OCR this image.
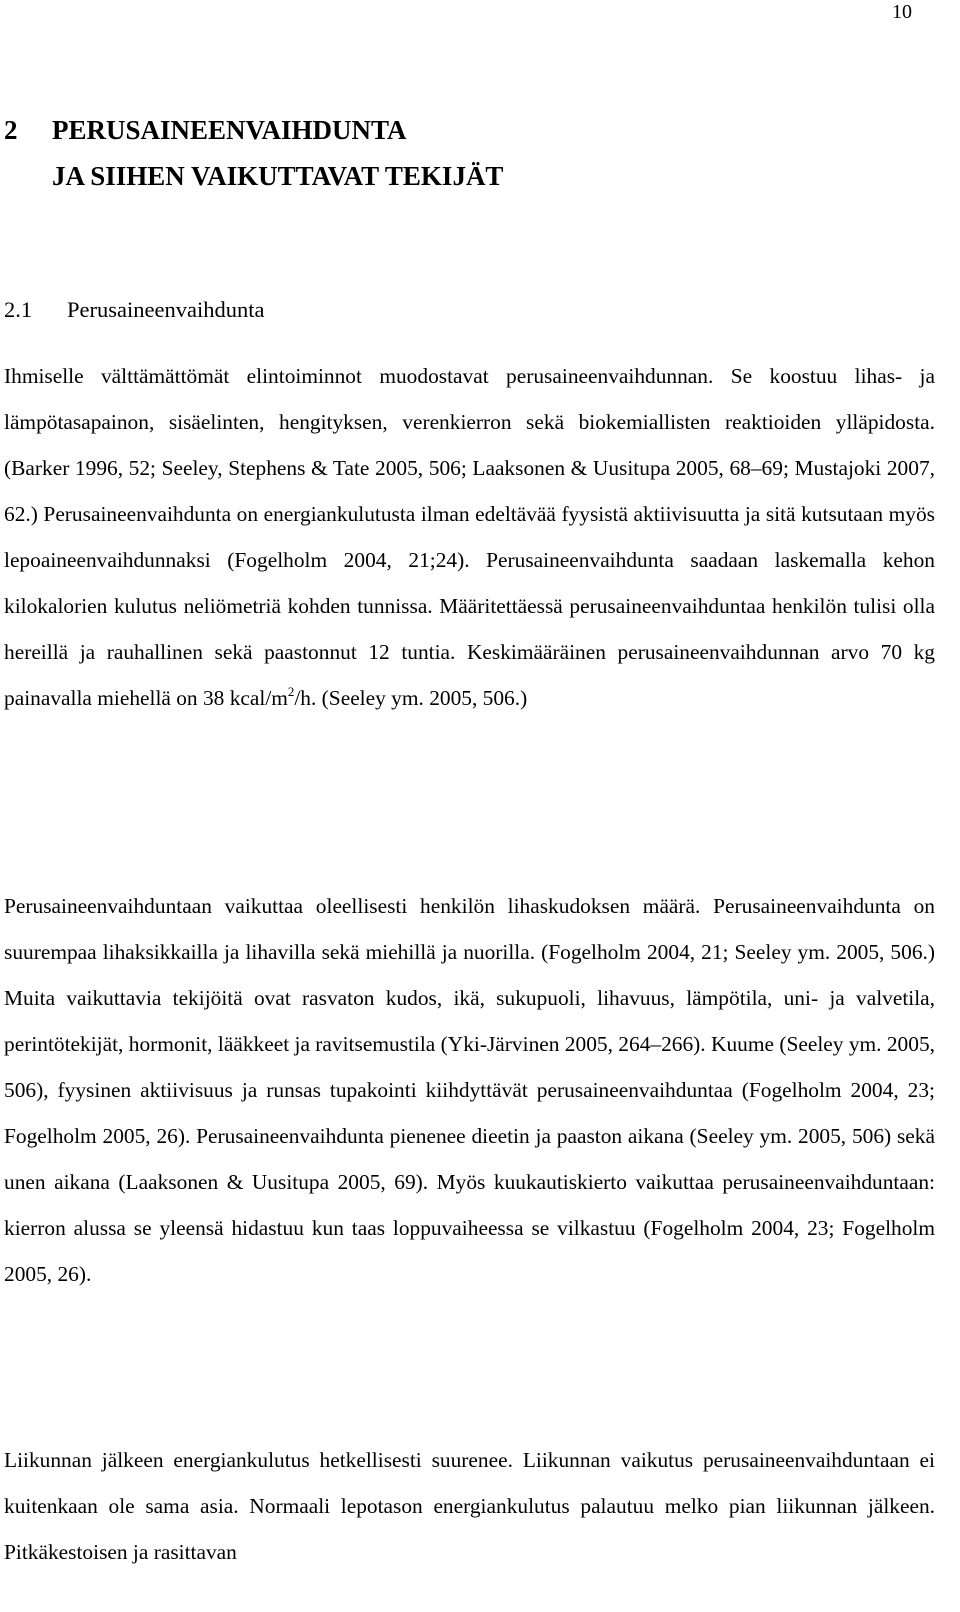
10
2	PERUSAINEENVAIHDUNTA
JA SIIHEN VAIKUTTAVAT TEKIJÄT
2.1	Perusaineenvaihdunta

Ihmiselle välttämättömät elintoiminnot muodostavat perusaineenvaihdunnan. Se koostuu lihas- ja lämpötasapainon, sisäelinten, hengityksen, verenkierron sekä biokemiallisten reaktioiden ylläpidosta. (Barker 1996, 52; Seeley, Stephens & Tate 2005, 506; Laaksonen & Uusitupa 2005, 68–69; Mustajoki 2007, 62.) Perusaineenvaihdunta on energiankulutusta ilman edeltävää fyysistä aktiivisuutta ja sitä kutsutaan myös lepoaineenvaihdunnaksi (Fogelholm 2004, 21;24). Perusaineenvaihdunta saadaan laskemalla kehon kilokalorien kulutus neliömetriä kohden tunnissa. Määritettäessä perusaineenvaihduntaa henkilön tulisi olla hereillä ja rauhallinen sekä paastonnut 12 tuntia. Keskimääräinen perusaineenvaihdunnan arvo 70 kg painavalla miehellä on 38 kcal/$m^2/h$. (Seeley ym. 2005, 506.)

Perusaineenvaihduntaan vaikuttaa oleellisesti henkilön lihaskudoksen määrä. Perusaineenvaihdunta on suurempaa lihaksikkailla ja lihavilla sekä miehillä ja nuorilla. (Fogelholm 2004, 21; Seeley ym. 2005, 506.) Muita vaikuttavia tekijöitä ovat rasvaton kudos, ikä, sukupuoli, lihavuus, lämpötila, uni- ja valvetila, perintötekijät, hormonit, lääkkeet ja ravitsemustila (Yki-Järvinen 2005, 264–266). Kuume (Seeley ym. 2005, 506), fyysinen aktiivisuus ja runsas tupakointi kiihdyttävät perusaineenvaihduntaa (Fogelholm 2004, 23; Fogelholm 2005, 26). Perusaineenvaihdunta pienenee dieetin ja paaston aikana (Seeley ym. 2005, 506) sekä unen aikana (Laaksonen & Uusitupa 2005, 69). Myös kuukautiskierto vaikuttaa perusaineenvaihduntaan: kierron alussa se yleensä hidastuu kun taas loppuvaiheessa se vilkastuu (Fogelholm 2004, 23; Fogelholm 2005, 26).

Liikunnan jälkeen energiankulutus hetkellisesti suurenee. Liikunnan vaikutus perusaineenvaihduntaan ei kuitenkaan ole sama asia. Normaali lepotason energiankulutus palautuu melko pian liikunnan jälkeen. Pitkäkestoisen ja rasittavan
